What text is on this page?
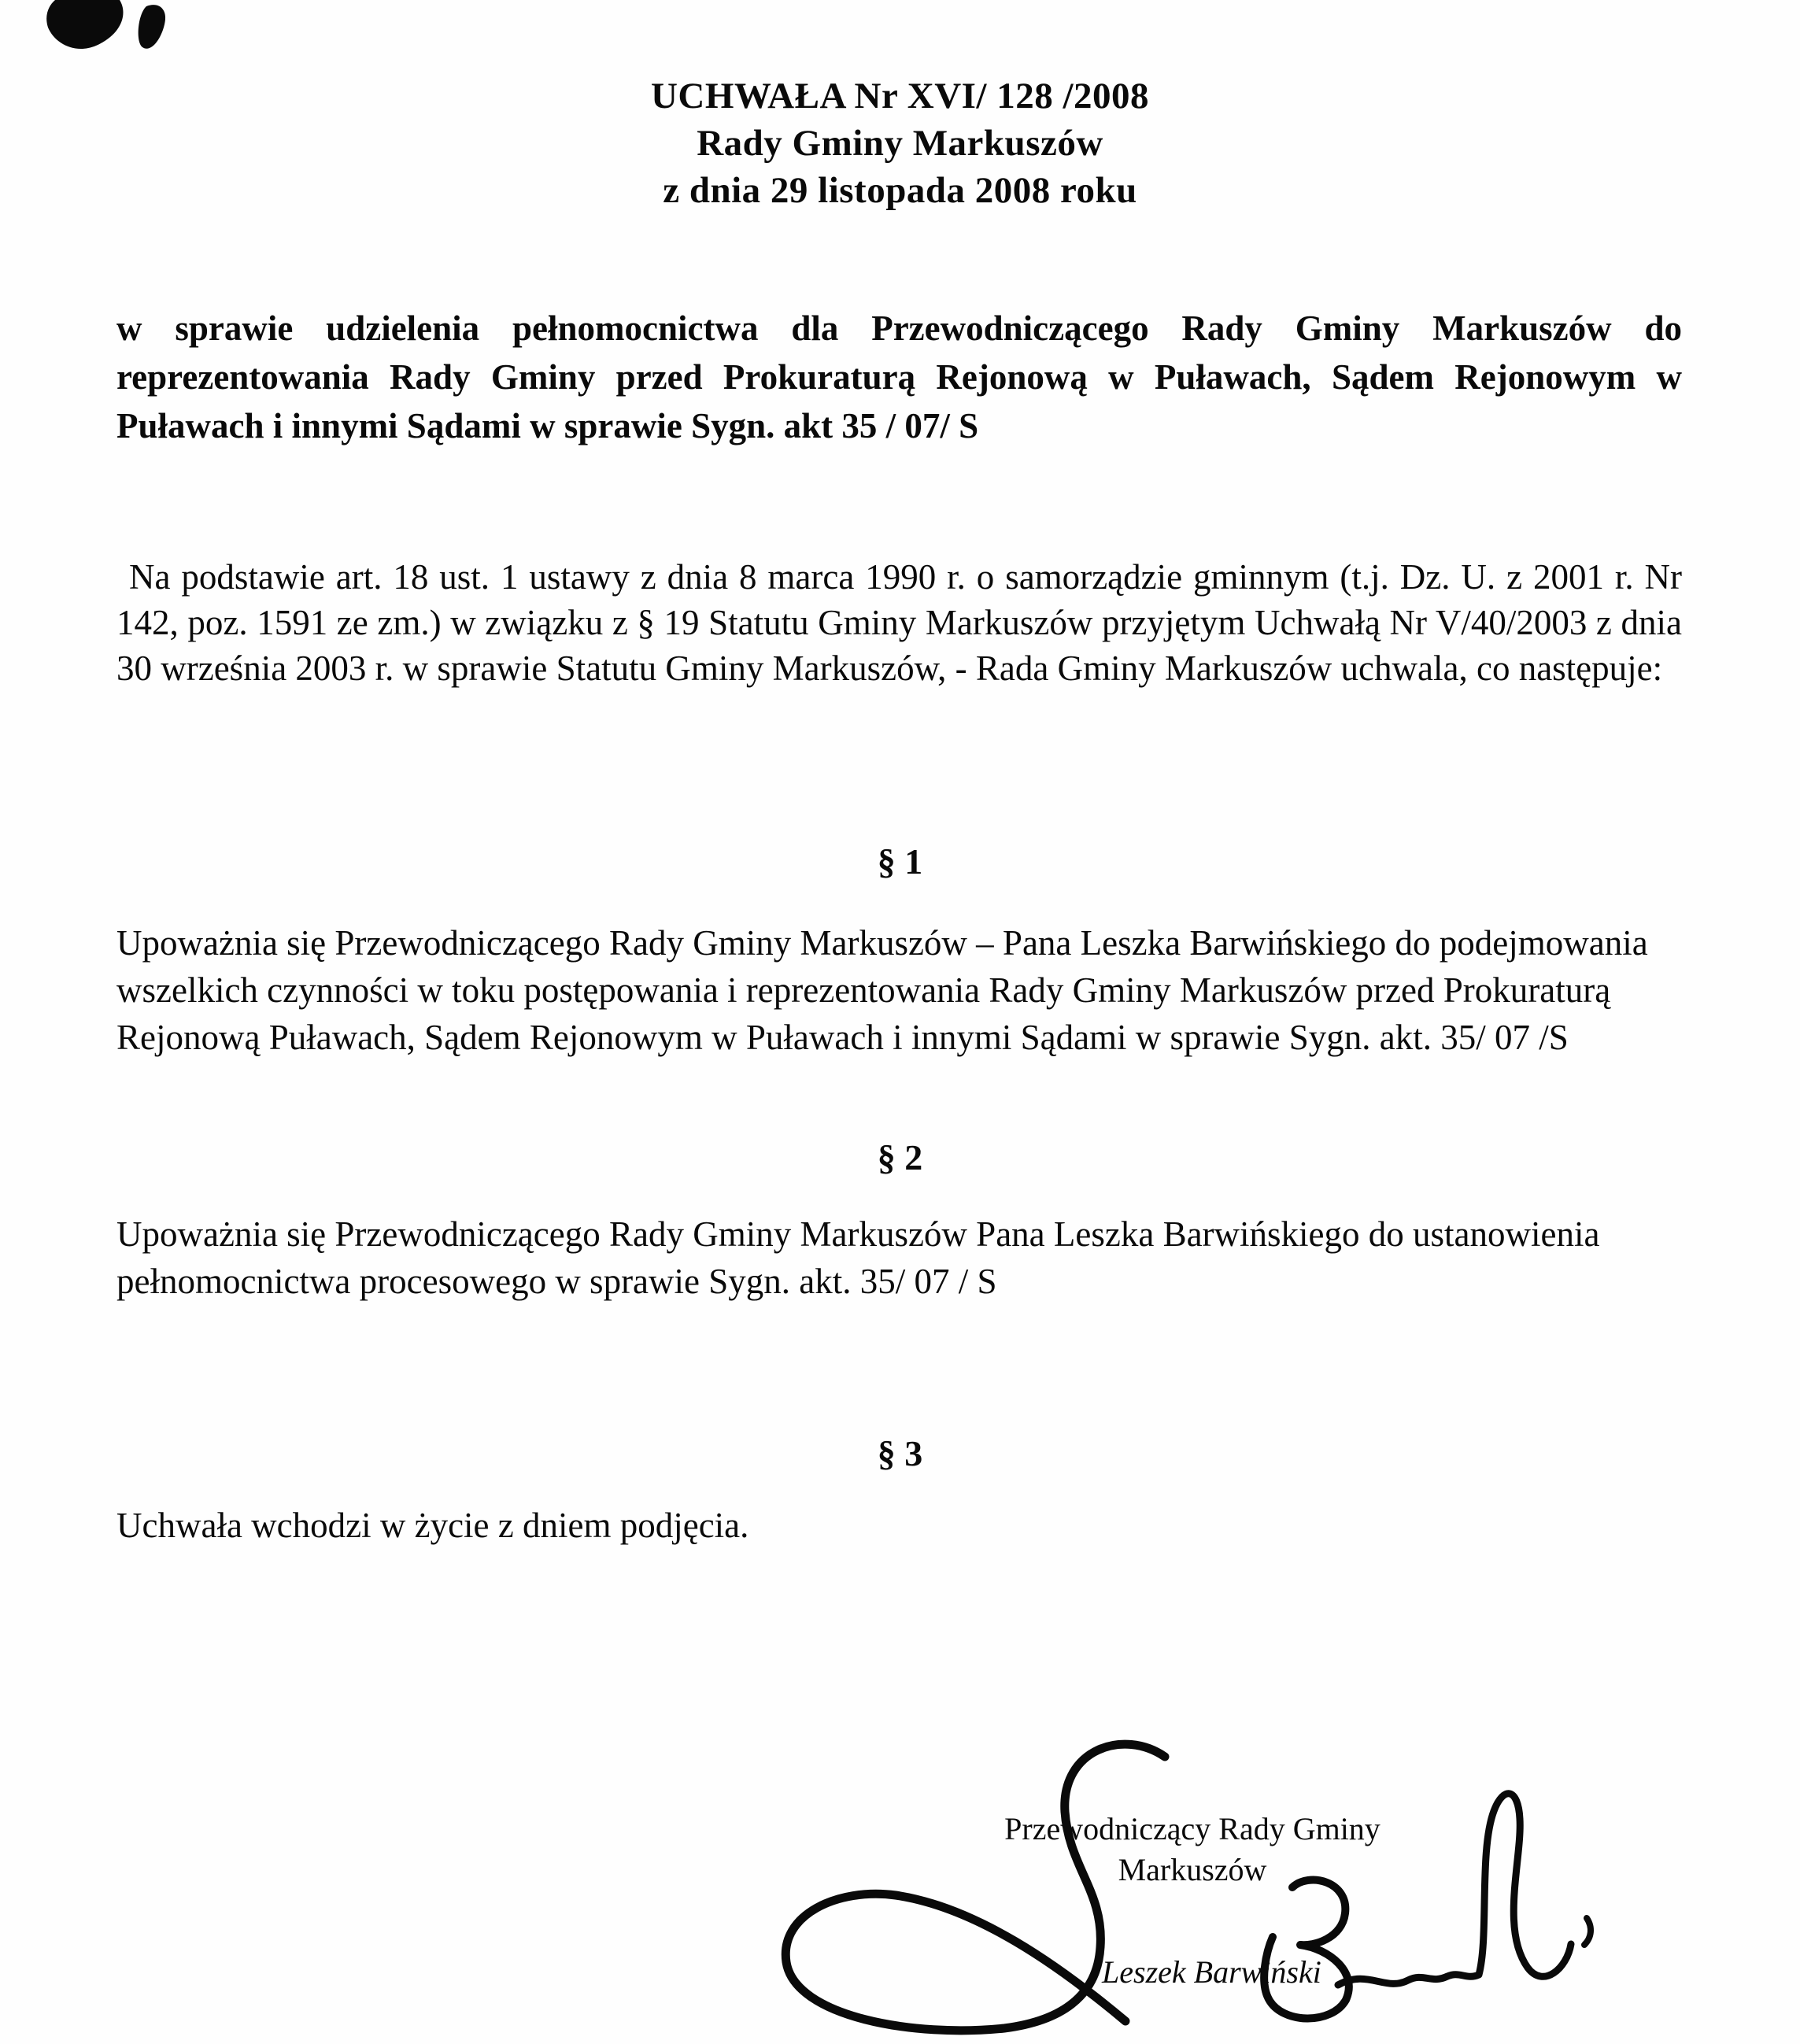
UCHWAŁA Nr XVI/ 128 /2008
Rady Gminy Markuszów
z dnia 29 listopada 2008 roku
w sprawie udzielenia pełnomocnictwa dla Przewodniczącego Rady Gminy Markuszów do reprezentowania Rady Gminy przed Prokuraturą Rejonową w Puławach, Sądem Rejonowym w Puławach i innymi Sądami w sprawie Sygn. akt 35 / 07/ S
Na podstawie art. 18 ust. 1 ustawy z dnia 8 marca 1990 r. o samorządzie gminnym (t.j. Dz. U. z 2001 r. Nr 142, poz. 1591 ze zm.) w związku z § 19 Statutu Gminy Markuszów przyjętym Uchwałą Nr V/40/2003 z dnia 30 września 2003 r. w sprawie Statutu Gminy Markuszów, - Rada Gminy Markuszów uchwala, co następuje:
§ 1
Upoważnia się Przewodniczącego Rady Gminy Markuszów – Pana Leszka Barwińskiego do podejmowania wszelkich czynności w toku postępowania i reprezentowania Rady Gminy Markuszów przed Prokuraturą Rejonową Puławach, Sądem Rejonowym w Puławach i innymi Sądami w sprawie Sygn. akt. 35/ 07 /S
§ 2
Upoważnia się Przewodniczącego Rady Gminy Markuszów Pana Leszka Barwińskiego do ustanowienia pełnomocnictwa procesowego w sprawie Sygn. akt. 35/ 07 / S
§ 3
Uchwała wchodzi w życie z dniem podjęcia.
Przewodniczący Rady Gminy
Markuszów
Leszek Barwiński
